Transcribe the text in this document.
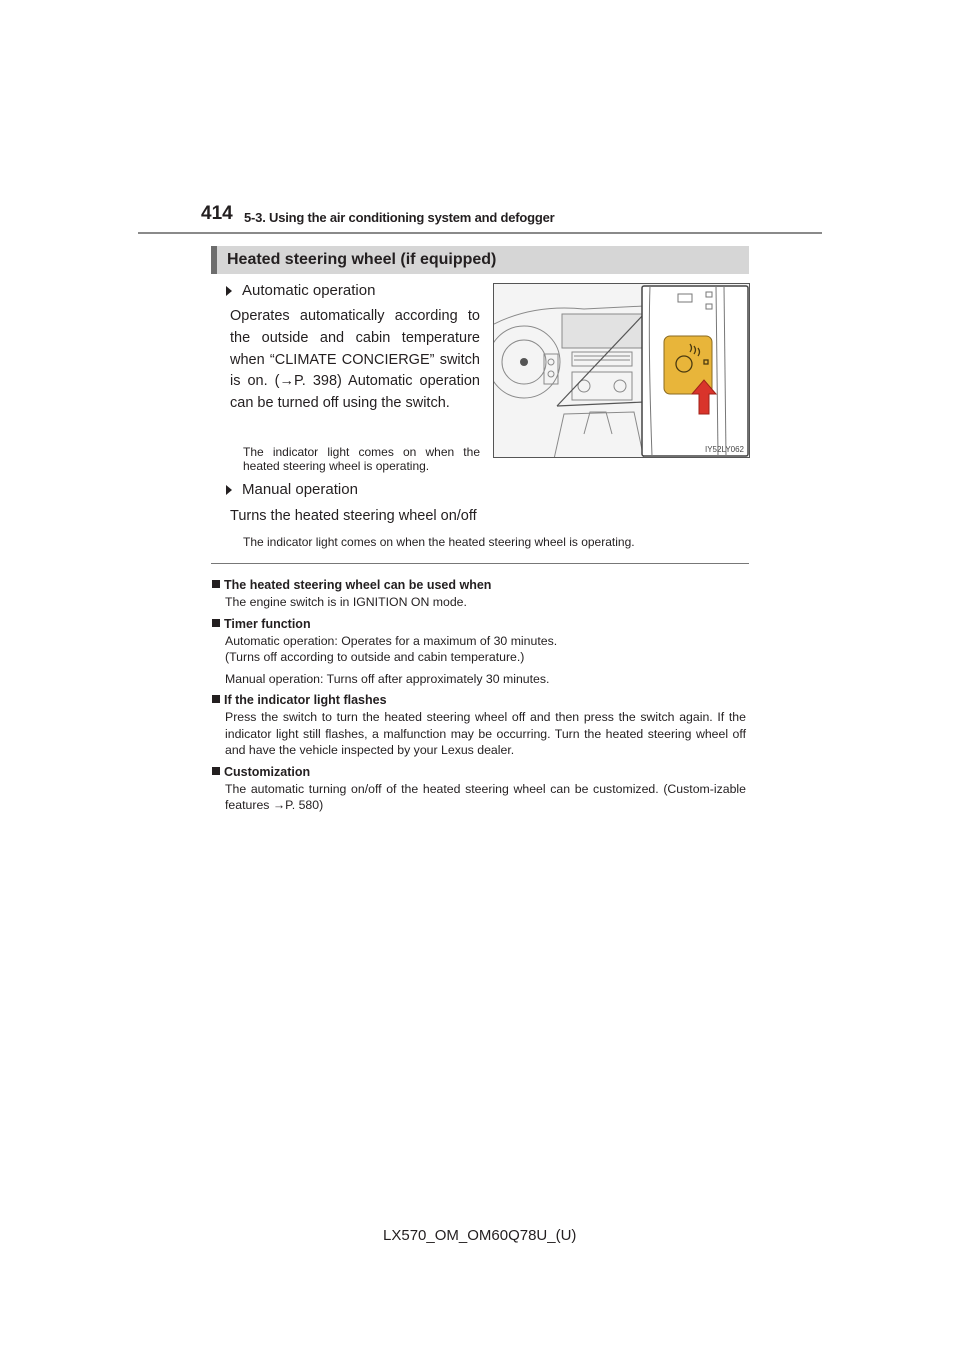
414 5-3. Using the air conditioning system and defogger
Heated steering wheel (if equipped)
Automatic operation
Operates automatically according to the outside and cabin temperature when “CLIMATE CONCIERGE” switch is on. (→P. 398) Automatic operation can be turned off using the switch.
The indicator light comes on when the heated steering wheel is operating.
Manual operation
Turns the heated steering wheel on/off
The indicator light comes on when the heated steering wheel is operating.
IY52LY062
The heated steering wheel can be used when

The engine switch is in IGNITION ON mode.

Timer function

Automatic operation: Operates for a maximum of 30 minutes.
(Turns off according to outside and cabin temperature.)

Manual operation: Turns off after approximately 30 minutes.

If the indicator light flashes

Press the switch to turn the heated steering wheel off and then press the switch again. If the indicator light still flashes, a malfunction may be occurring. Turn the heated steering wheel off and have the vehicle inspected by your Lexus dealer.

Customization

The automatic turning on/off of the heated steering wheel can be customized. (Custom-izable features →P. 580)

LX570_OM_OM60Q78U_(U)
